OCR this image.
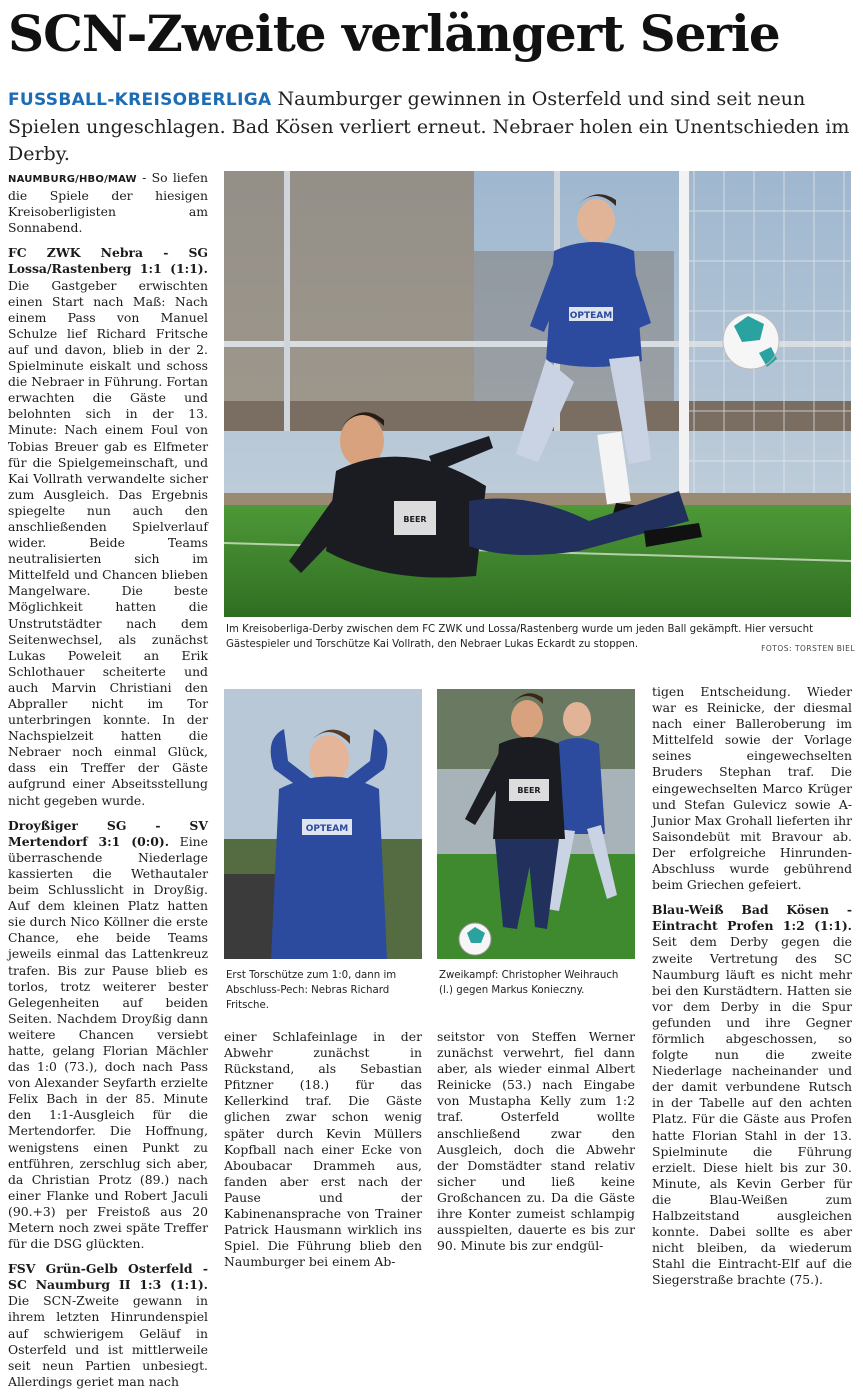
SCN-Zweite verlängert Serie
FUSSBALL-KREISOBERLIGA Naumburger gewinnen in Osterfeld und sind seit neun Spielen ungeschlagen. Bad Kösen verliert erneut. Nebraer holen ein Unentschieden im Derby.

NAUMBURG/HBO/MAW - So liefen die Spiele der hiesigen Kreisoberligisten am Sonnabend.

FC ZWK Nebra - SG Lossa/Rastenberg 1:1 (1:1). Die Gastgeber erwischten einen Start nach Maß: Nach einem Pass von Manuel Schulze lief Richard Fritsche auf und davon, blieb in der 2. Spielminute eiskalt und schoss die Nebraer in Führung. Fortan erwachten die Gäste und belohnten sich in der 13. Minute: Nach einem Foul von Tobias Breuer gab es Elfmeter für die Spielgemeinschaft, und Kai Vollrath verwandelte sicher zum Ausgleich. Das Ergebnis spiegelte nun auch den anschließenden Spielverlauf wider. Beide Teams neutralisierten sich im Mittelfeld und Chancen blieben Mangelware. Die beste Möglichkeit hatten die Unstrutstädter nach dem Seitenwechsel, als zunächst Lukas Poweleit an Erik Schlothauer scheiterte und auch Marvin Christiani den Abpraller nicht im Tor unterbringen konnte. In der Nachspielzeit hatten die Nebraer noch einmal Glück, dass ein Treffer der Gäste aufgrund einer Abseitsstellung nicht gegeben wurde.

Droyßiger SG - SV Mertendorf 3:1 (0:0). Eine überraschende Niederlage kassierten die Wethautaler beim Schlusslicht in Droyßig. Auf dem kleinen Platz hatten sie durch Nico Köllner die erste Chance, ehe beide Teams jeweils einmal das Lattenkreuz trafen. Bis zur Pause blieb es torlos, trotz weiterer bester Gelegenheiten auf beiden Seiten. Nachdem Droyßig dann weitere Chancen versiebt hatte, gelang Florian Mächler das 1:0 (73.), doch nach Pass von Alexander Seyfarth erzielte Felix Bach in der 85. Minute den 1:1-Ausgleich für die Mertendorfer. Die Hoffnung, wenigstens einen Punkt zu entführen, zerschlug sich aber, da Christian Protz (89.) nach einer Flanke und Robert Jaculi (90.+3) per Freistoß aus 20 Metern noch zwei späte Treffer für die DSG glückten.

FSV Grün-Gelb Osterfeld - SC Naumburg II 1:3 (1:1). Die SCN-Zweite gewann in ihrem letzten Hinrundenspiel auf schwierigem Geläuf in Osterfeld und ist mittlerweile seit neun Partien unbesiegt. Allerdings geriet man nach

OPTEAM
BEER
Im Kreisoberliga-Derby zwischen dem FC ZWK und Lossa/Rastenberg wurde um jeden Ball gekämpft. Hier versucht Gästespieler und Torschütze Kai Vollrath, den Nebraer Lukas Eckardt zu stoppen.	FOTOS: TORSTEN BIEL
OPTEAM
Erst Torschütze zum 1:0, dann im Abschluss-Pech: Nebras Richard Fritsche.
BEER
Zweikampf: Christopher Weihrauch (l.) gegen Markus Konieczny.

einer Schlafeinlage in der Abwehr zunächst in Rückstand, als Sebastian Pfitzner (18.) für das Kellerkind traf. Die Gäste glichen zwar schon wenig später durch Kevin Müllers Kopfball nach einer Ecke von Aboubacar Drammeh aus, fanden aber erst nach der Pause und der Kabinenansprache von Trainer Patrick Hausmann wirklich ins Spiel. Die Führung blieb den Naumburger bei einem Ab-

seitstor von Steffen Werner zunächst verwehrt, fiel dann aber, als wieder einmal Albert Reinicke (53.) nach Eingabe von Mustapha Kelly zum 1:2 traf. Osterfeld wollte anschließend zwar den Ausgleich, doch die Abwehr der Domstädter stand relativ sicher und ließ keine Großchancen zu. Da die Gäste ihre Konter zumeist schlampig ausspielten, dauerte es bis zur 90. Minute bis zur endgül-

tigen Entscheidung. Wieder war es Reinicke, der diesmal nach einer Balleroberung im Mittelfeld sowie der Vorlage seines eingewechselten Bruders Stephan traf. Die eingewechselten Marco Krüger und Stefan Gulevicz sowie A-Junior Max Grohall lieferten ihr Saisondebüt mit Bravour ab. Der erfolgreiche Hinrunden-Abschluss wurde gebührend beim Griechen gefeiert.

Blau-Weiß Bad Kösen - Eintracht Profen 1:2 (1:1). Seit dem Derby gegen die zweite Vertretung des SC Naumburg läuft es nicht mehr bei den Kurstädtern. Hatten sie vor dem Derby in die Spur gefunden und ihre Gegner förmlich abgeschossen, so folgte nun die zweite Niederlage nacheinander und der damit verbundene Rutsch in der Tabelle auf den achten Platz. Für die Gäste aus Profen hatte Florian Stahl in der 13. Spielminute die Führung erzielt. Diese hielt bis zur 30. Minute, als Kevin Gerber für die Blau-Weißen zum Halbzeitstand ausgleichen konnte. Dabei sollte es aber nicht bleiben, da wiederum Stahl die Eintracht-Elf auf die Siegerstraße brachte (75.).
